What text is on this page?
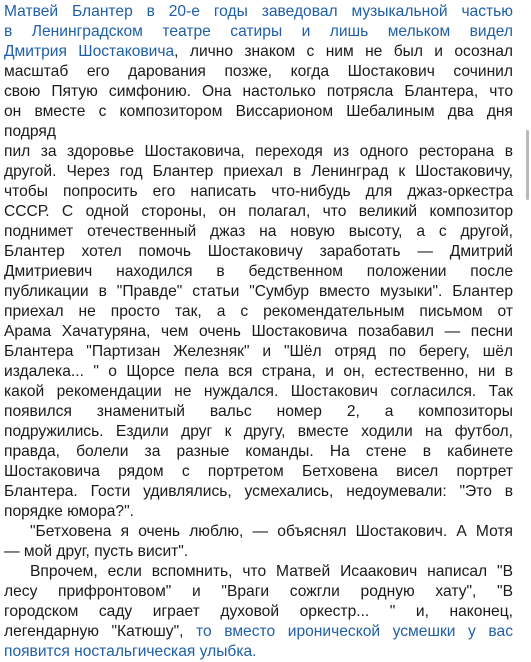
Матвей Блантер в 20-е годы заведовал музыкальной частью
в Ленинградском театре сатиры и лишь мельком видел
Дмитрия Шостаковича, лично знаком с ним не был и осознал
масштаб его дарования позже, когда Шостакович сочинил
свою Пятую симфонию. Она настолько потрясла Блантера, что
он вместе с композитором Виссарионом Шебалиным два дня
подряд
пил за здоровье Шостаковича, переходя из одного ресторана в
другой. Через год Блантер приехал в Ленинград к Шостаковичу,
чтобы попросить его написать что-нибудь для джаз-оркестра
СССР. С одной стороны, он полагал, что великий композитор
поднимет отечественный джаз на новую высоту, а с другой,
Блантер хотел помочь Шостаковичу заработать — Дмитрий
Дмитриевич находился в бедственном положении после
публикации в "Правде" статьи "Сумбур вместо музыки". Блантер
приехал не просто так, а с рекомендательным письмом от
Арама Хачатуряна, чем очень Шостаковича позабавил — песни
Блантера "Партизан Железняк" и "Шёл отряд по берегу, шёл
издалека... " о Щорсе пела вся страна, и он, естественно, ни в
какой рекомендации не нуждался. Шостакович согласился. Так
появился знаменитый вальс номер 2, а композиторы
подружились. Ездили друг к другу, вместе ходили на футбол,
правда, болели за разные команды. На стене в кабинете
Шостаковича рядом с портретом Бетховена висел портрет
Блантера. Гости удивлялись, усмехались, недоумевали: "Это в
порядке юмора?".
"Бетховена я очень люблю, — объяснял Шостакович. А Мотя
— мой друг, пусть висит".
Впрочем, если вспомнить, что Матвей Исаакович написал "В
лесу прифронтовом" и "Враги сожгли родную хату", "В
городском саду играет духовой оркестр... " и, наконец,
легендарную "Катюшу", то вместо иронической усмешки у вас
появится ностальгическая улыбка.
